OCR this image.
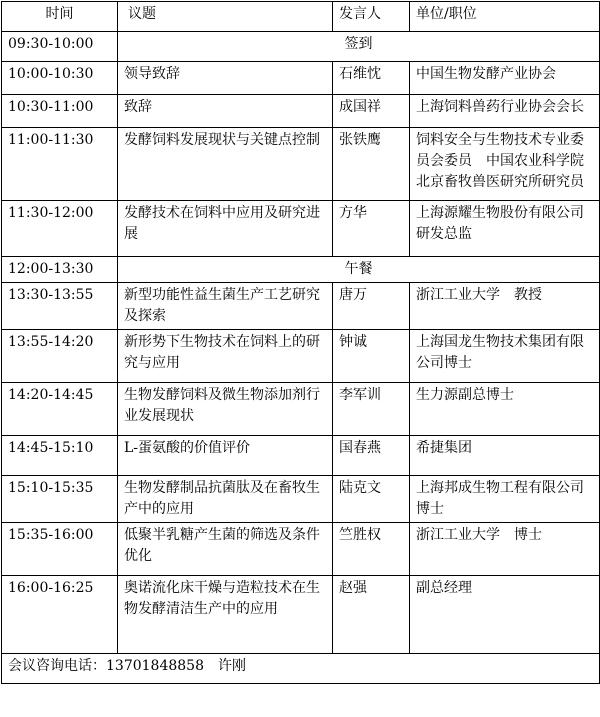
时间	议题	发言人	单位/职位
09:30-10:00	签到		
10:00-10:30	领导致辞	石维忱	中国生物发酵产业协会
10:30-11:00	致辞	成国祥	上海饲料兽药行业协会会长
11:00-11:30	发酵饲料发展现状与关键点控制	张铁鹰	饲料安全与生物技术专业委员会委员　中国农业科学院北京畜牧兽医研究所研究员
11:30-12:00	发酵技术在饲料中应用及研究进展	方华	上海源耀生物股份有限公司研发总监
12:00-13:30	午餐		
13:30-13:55	新型功能性益生菌生产工艺研究及探索	唐万	浙江工业大学　教授
13:55-14:20	新形势下生物技术在饲料上的研究与应用	钟诚	上海国龙生物技术集团有限公司博士
14:20-14:45	生物发酵饲料及微生物添加剂行业发展现状	李军训	生力源副总博士
14:45-15:10	L-蛋氨酸的价值评价	国春燕	希捷集团
15:10-15:35	生物发酵制品抗菌肽及在畜牧生产中的应用	陆克文	上海邦成生物工程有限公司博士
15:35-16:00	低聚半乳糖产生菌的筛选及条件优化	竺胜权	浙江工业大学　博士
16:00-16:25	奥诺流化床干燥与造粒技术在生物发酵清洁生产中的应用	赵强	副总经理
会议咨询电话：13701848858　许刚			
